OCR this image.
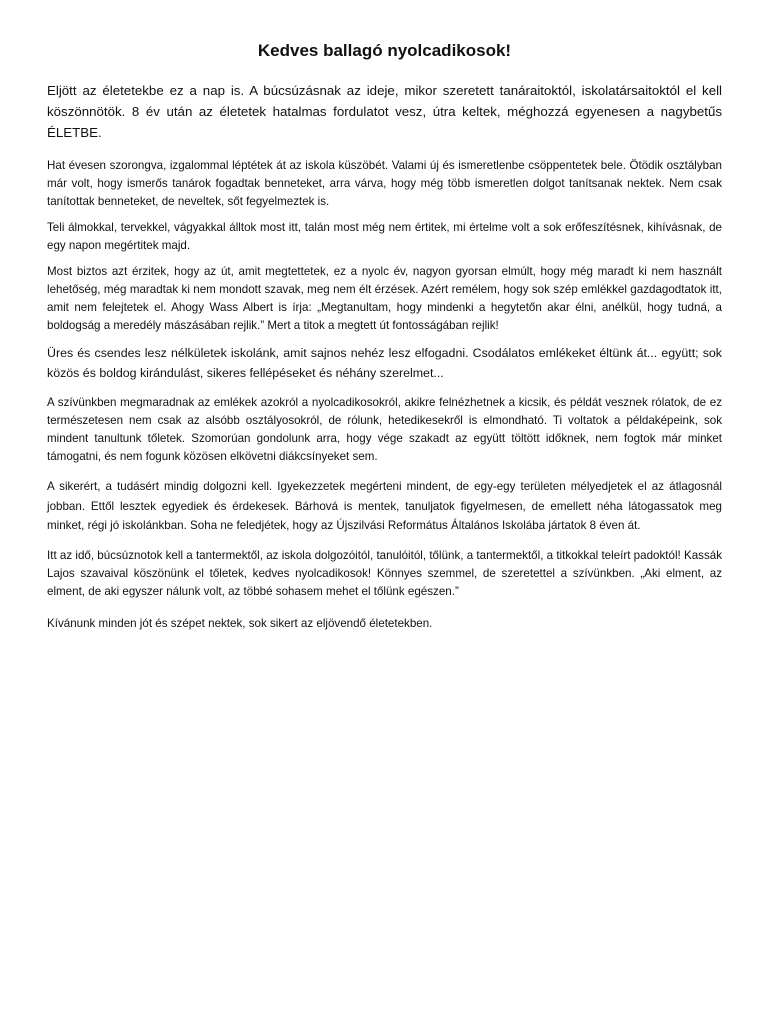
Kedves ballagó nyolcadikosok!

Eljött az életetekbe ez a nap is. A búcsúzásnak az ideje, mikor szeretett tanáraitoktól, iskolatársaitoktól el kell köszönnötök. 8 év után az életetek hatalmas fordulatot vesz, útra keltek, méghozzá egyenesen a nagybetűs ÉLETBE.

Hat évesen szorongva, izgalommal léptétek át az iskola küszöbét. Valami új és ismeretlenbe csöppentetek bele. Ötödik osztályban már volt, hogy ismerős tanárok fogadtak benneteket, arra várva, hogy még több ismeretlen dolgot tanítsanak nektek. Nem csak tanítottak benneteket, de neveltek, sőt fegyelmeztek is.

Teli álmokkal, tervekkel, vágyakkal álltok most itt, talán most még nem értitek, mi értelme volt a sok erőfeszítésnek, kihívásnak, de egy napon megértitek majd.

Most biztos azt érzitek, hogy az út, amit megtettetek, ez a nyolc év, nagyon gyorsan elmúlt, hogy még maradt ki nem használt lehetőség, még maradtak ki nem mondott szavak, meg nem élt érzések. Azért remélem, hogy sok szép emlékkel gazdagodtatok itt, amit nem felejtetek el. Ahogy Wass Albert is írja: „Megtanultam, hogy mindenki a hegytetőn akar élni, anélkül, hogy tudná, a boldogság a meredély mászásában rejlik.” Mert a titok a megtett út fontosságában rejlik!

Üres és csendes lesz nélkületek iskolánk, amit sajnos nehéz lesz elfogadni. Csodálatos emlékeket éltünk át... együtt; sok közös és boldog kirándulást, sikeres fellépéseket és néhány szerelmet...

A szívünkben megmaradnak az emlékek azokról a nyolcadikosokról, akikre felnézhetnek a kicsik, és példát vesznek rólatok, de ez természetesen nem csak az alsóbb osztályosokról, de rólunk, hetedikesekről is elmondható. Ti voltatok a példaképeink, sok mindent tanultunk tőletek. Szomorúan gondolunk arra, hogy vége szakadt az együtt töltött időknek, nem fogtok már minket támogatni, és nem fogunk közösen elkövetni diákcsínyeket sem.

A sikerért, a tudásért mindig dolgozni kell. Igyekezzetek megérteni mindent, de egy-egy területen mélyedjetek el az átlagosnál jobban. Ettől lesztek egyediek és érdekesek. Bárhová is mentek, tanuljatok figyelmesen, de emellett néha látogassatok meg minket, régi jó iskolánkban. Soha ne feledjétek, hogy az Újszilvási Református Általános Iskolába jártatok 8 éven át.

Itt az idő, búcsúznotok kell a tantermektől, az iskola dolgozóitól, tanulóitól, tőlünk, a tantermektől, a titkokkal teleírt padoktól! Kassák Lajos szavaival köszönünk el tőletek, kedves nyolcadikosok! Könnyes szemmel, de szeretettel a szívünkben. „Aki elment, az elment, de aki egyszer nálunk volt, az többé sohasem mehet el tőlünk egészen.”

Kívánunk minden jót és szépet nektek, sok sikert az eljövendő életetekben.
